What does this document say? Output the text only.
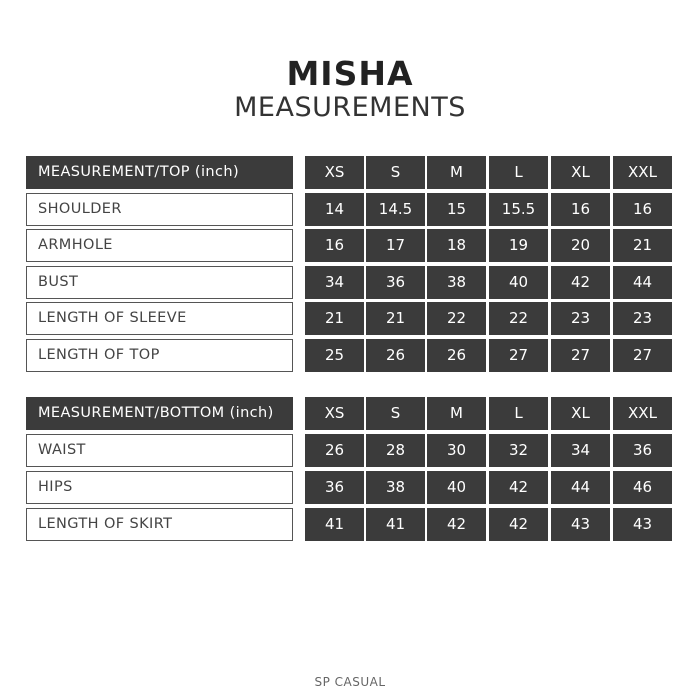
MISHA
MEASUREMENTS
MEASUREMENT/TOP (inch)	XS	S	M	L	XL	XXL
SHOULDER	14	14.5	15	15.5	16	16
ARMHOLE	16	17	18	19	20	21
BUST	34	36	38	40	42	44
LENGTH OF SLEEVE	21	21	22	22	23	23
LENGTH OF TOP	25	26	26	27	27	27
MEASUREMENT/BOTTOM (inch)	XS	S	M	L	XL	XXL
WAIST	26	28	30	32	34	36
HIPS	36	38	40	42	44	46
LENGTH OF SKIRT	41	41	42	42	43	43
SP CASUAL
